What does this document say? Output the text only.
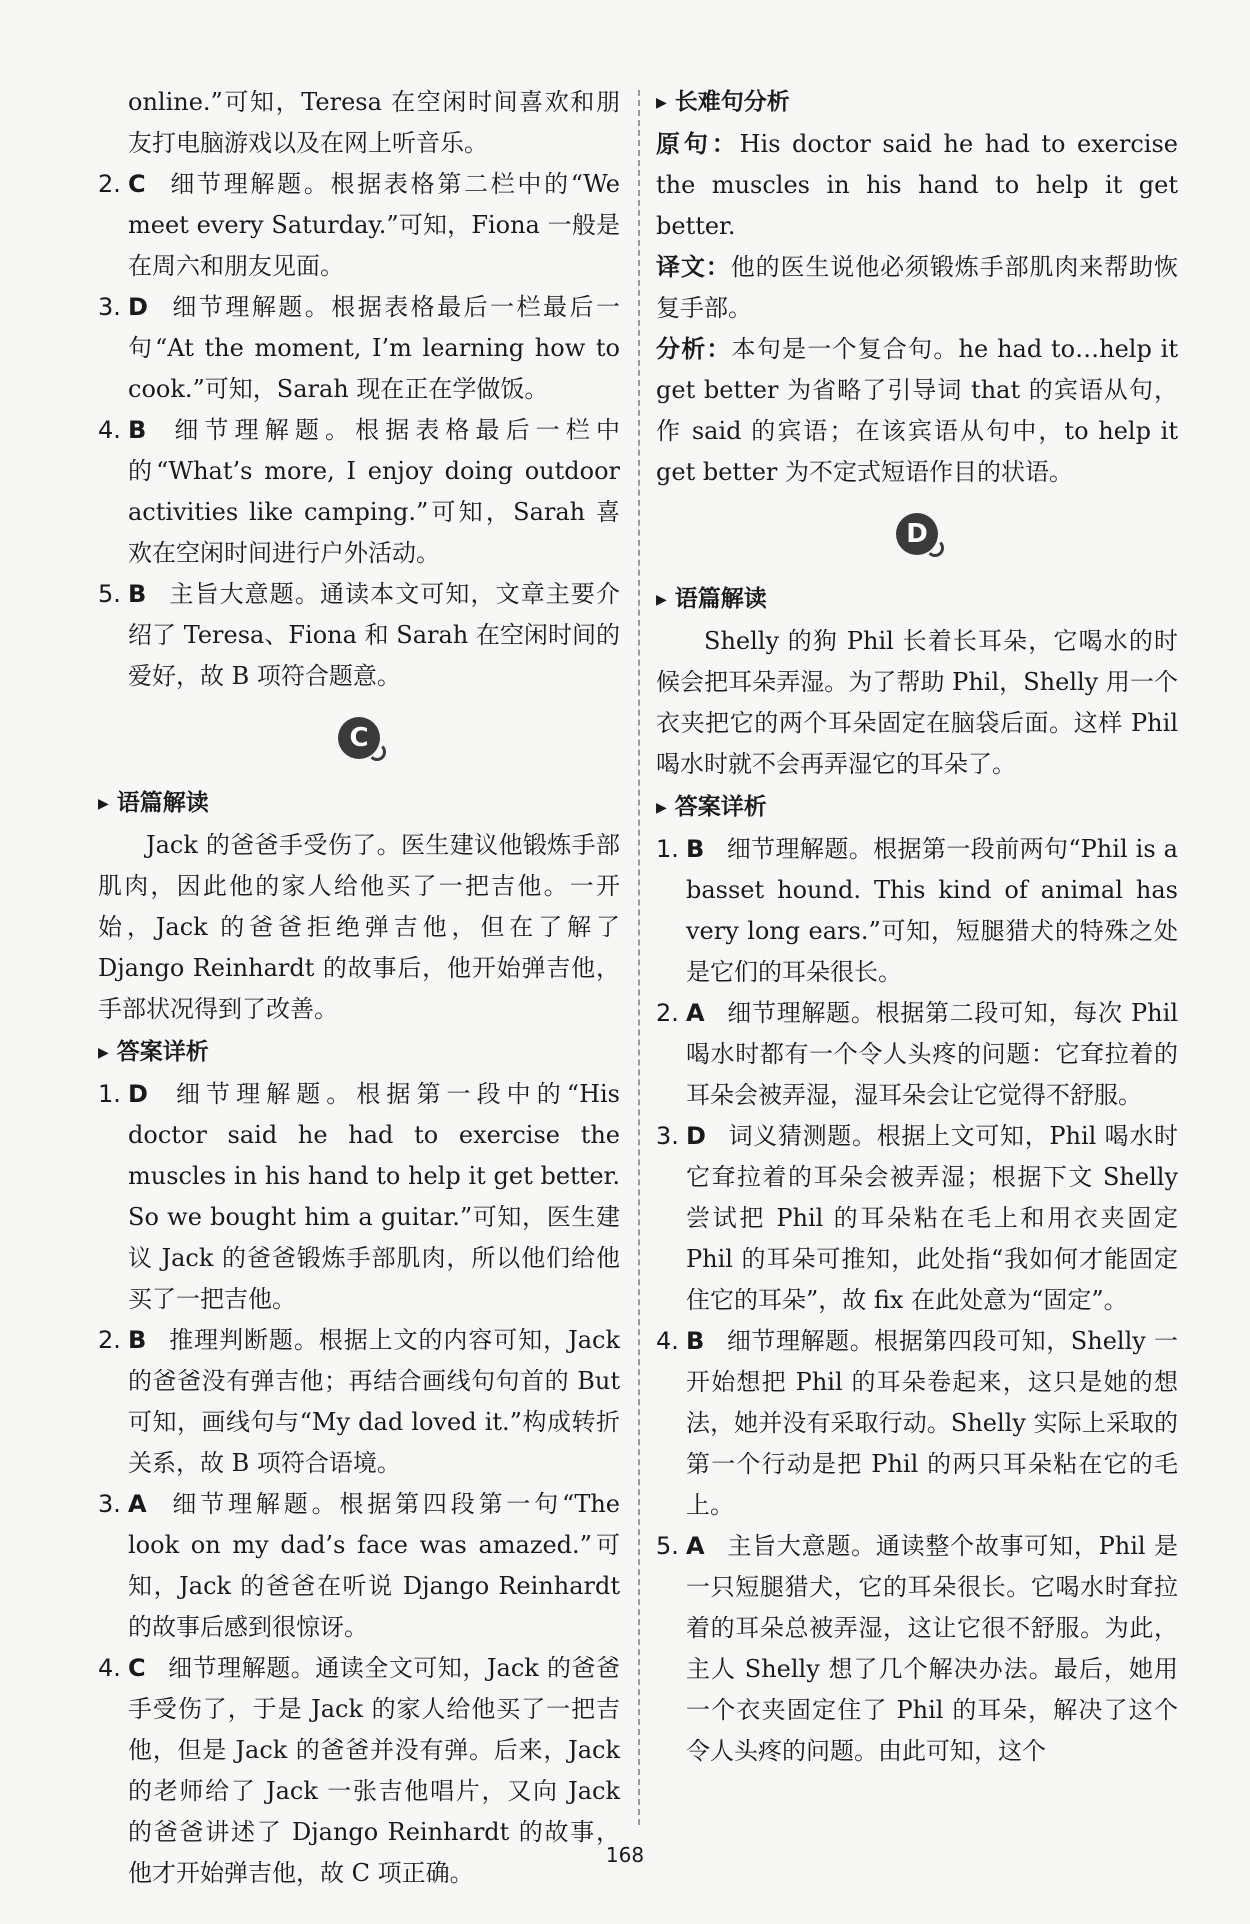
online.”可知，Teresa 在空闲时间喜欢和朋友打电脑游戏以及在网上听音乐。

2. C 细节理解题。根据表格第二栏中的“We meet every Saturday.”可知，Fiona 一般是在周六和朋友见面。
3. D 细节理解题。根据表格最后一栏最后一句“At the moment, I’m learning how to cook.”可知，Sarah 现在正在学做饭。
4. B 细节理解题。根据表格最后一栏中的“What’s more, I enjoy doing outdoor activities like camping.”可知，Sarah 喜欢在空闲时间进行户外活动。
5. B 主旨大意题。通读本文可知，文章主要介绍了 Teresa、Fiona 和 Sarah 在空闲时间的爱好，故 B 项符合题意。
C
▶ 语篇解读

Jack 的爸爸手受伤了。医生建议他锻炼手部肌肉，因此他的家人给他买了一把吉他。一开始，Jack 的爸爸拒绝弹吉他，但在了解了 Django Reinhardt 的故事后，他开始弹吉他，手部状况得到了改善。

▶ 答案详析
1. D 细节理解题。根据第一段中的“His doctor said he had to exercise the muscles in his hand to help it get better. So we bought him a guitar.”可知，医生建议 Jack 的爸爸锻炼手部肌肉，所以他们给他买了一把吉他。
2. B 推理判断题。根据上文的内容可知，Jack 的爸爸没有弹吉他；再结合画线句句首的 But 可知，画线句与“My dad loved it.”构成转折关系，故 B 项符合语境。
3. A 细节理解题。根据第四段第一句“The look on my dad’s face was amazed.”可知，Jack 的爸爸在听说 Django Reinhardt 的故事后感到很惊讶。
4. C 细节理解题。通读全文可知，Jack 的爸爸手受伤了，于是 Jack 的家人给他买了一把吉他，但是 Jack 的爸爸并没有弹。后来，Jack 的老师给了 Jack 一张吉他唱片，又向 Jack 的爸爸讲述了 Django Reinhardt 的故事，他才开始弹吉他，故 C 项正确。
▶ 长难句分析

原句：His doctor said he had to exercise the muscles in his hand to help it get better.

译文：他的医生说他必须锻炼手部肌肉来帮助恢复手部。

分析：本句是一个复合句。he had to…help it get better 为省略了引导词 that 的宾语从句，作 said 的宾语；在该宾语从句中，to help it get better 为不定式短语作目的状语。

D
▶ 语篇解读

Shelly 的狗 Phil 长着长耳朵，它喝水的时候会把耳朵弄湿。为了帮助 Phil，Shelly 用一个衣夹把它的两个耳朵固定在脑袋后面。这样 Phil 喝水时就不会再弄湿它的耳朵了。

▶ 答案详析
1. B 细节理解题。根据第一段前两句“Phil is a basset hound. This kind of animal has very long ears.”可知，短腿猎犬的特殊之处是它们的耳朵很长。
2. A 细节理解题。根据第二段可知，每次 Phil 喝水时都有一个令人头疼的问题：它耷拉着的耳朵会被弄湿，湿耳朵会让它觉得不舒服。
3. D 词义猜测题。根据上文可知，Phil 喝水时它耷拉着的耳朵会被弄湿；根据下文 Shelly 尝试把 Phil 的耳朵粘在毛上和用衣夹固定 Phil 的耳朵可推知，此处指“我如何才能固定住它的耳朵”，故 fix 在此处意为“固定”。
4. B 细节理解题。根据第四段可知，Shelly 一开始想把 Phil 的耳朵卷起来，这只是她的想法，她并没有采取行动。Shelly 实际上采取的第一个行动是把 Phil 的两只耳朵粘在它的毛上。
5. A 主旨大意题。通读整个故事可知，Phil 是一只短腿猎犬，它的耳朵很长。它喝水时耷拉着的耳朵总被弄湿，这让它很不舒服。为此，主人 Shelly 想了几个解决办法。最后，她用一个衣夹固定住了 Phil 的耳朵，解决了这个令人头疼的问题。由此可知，这个
168
